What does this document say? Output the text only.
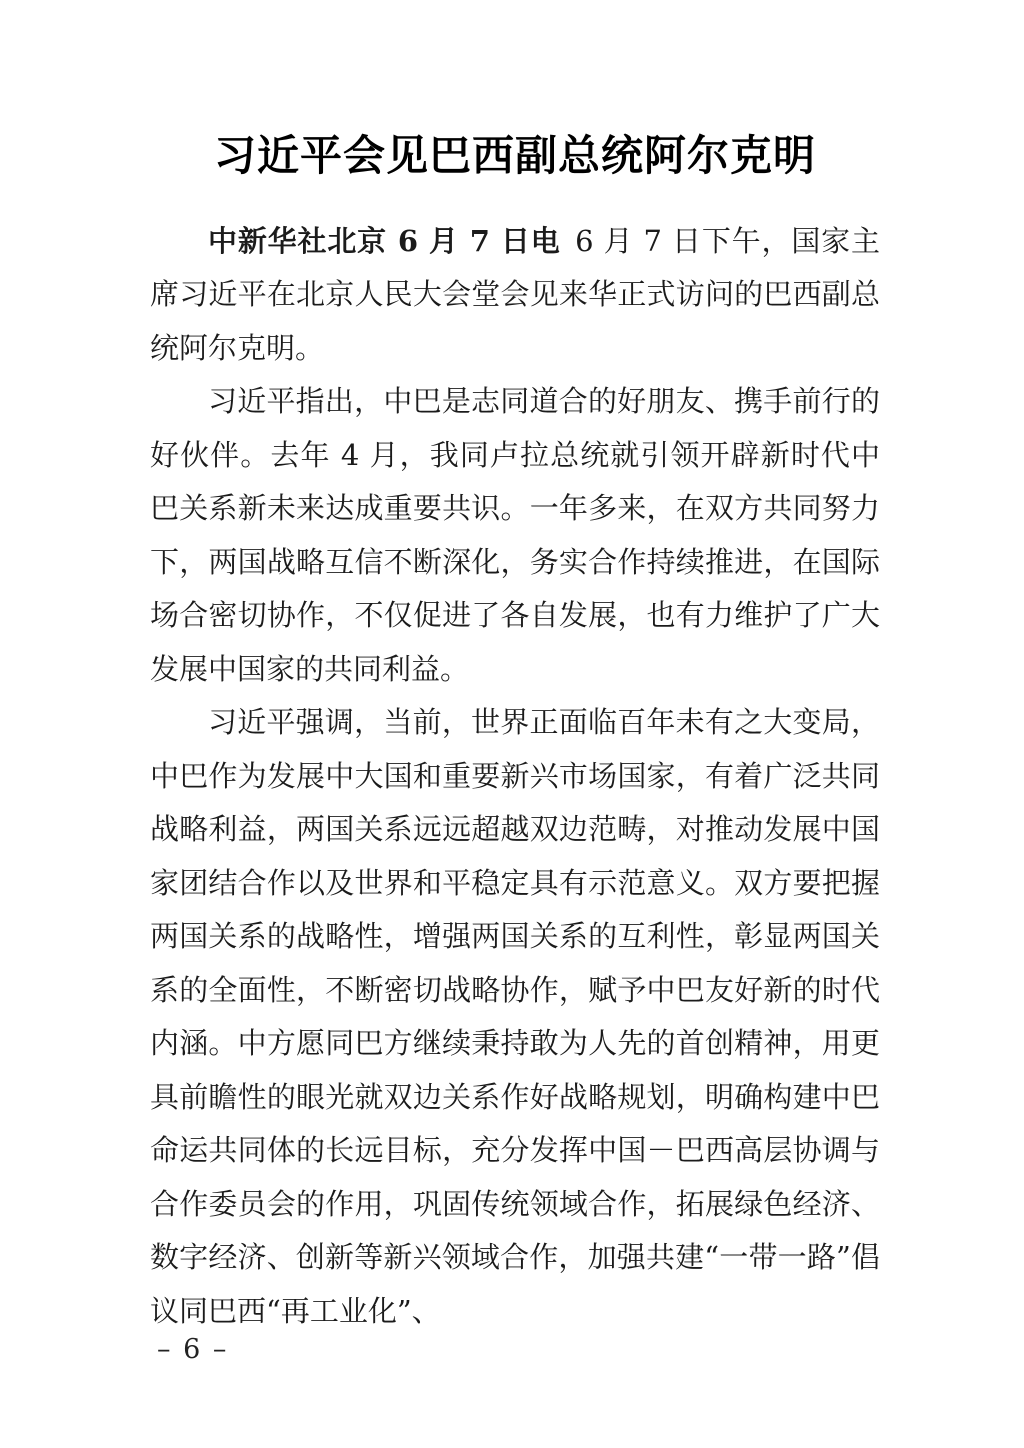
习近平会见巴西副总统阿尔克明

中新华社北京 6 月 7 日电 6 月 7 日下午，国家主席习近平在北京人民大会堂会见来华正式访问的巴西副总统阿尔克明。

习近平指出，中巴是志同道合的好朋友、携手前行的好伙伴。去年 4 月，我同卢拉总统就引领开辟新时代中巴关系新未来达成重要共识。一年多来，在双方共同努力下，两国战略互信不断深化，务实合作持续推进，在国际场合密切协作，不仅促进了各自发展，也有力维护了广大发展中国家的共同利益。

习近平强调，当前，世界正面临百年未有之大变局，中巴作为发展中大国和重要新兴市场国家，有着广泛共同战略利益，两国关系远远超越双边范畴，对推动发展中国家团结合作以及世界和平稳定具有示范意义。双方要把握两国关系的战略性，增强两国关系的互利性，彰显两国关系的全面性，不断密切战略协作，赋予中巴友好新的时代内涵。中方愿同巴方继续秉持敢为人先的首创精神，用更具前瞻性的眼光就双边关系作好战略规划，明确构建中巴命运共同体的长远目标，充分发挥中国－巴西高层协调与合作委员会的作用，巩固传统领域合作，拓展绿色经济、数字经济、创新等新兴领域合作，加强共建“一带一路”倡议同巴西“再工业化”、

– 6 –
